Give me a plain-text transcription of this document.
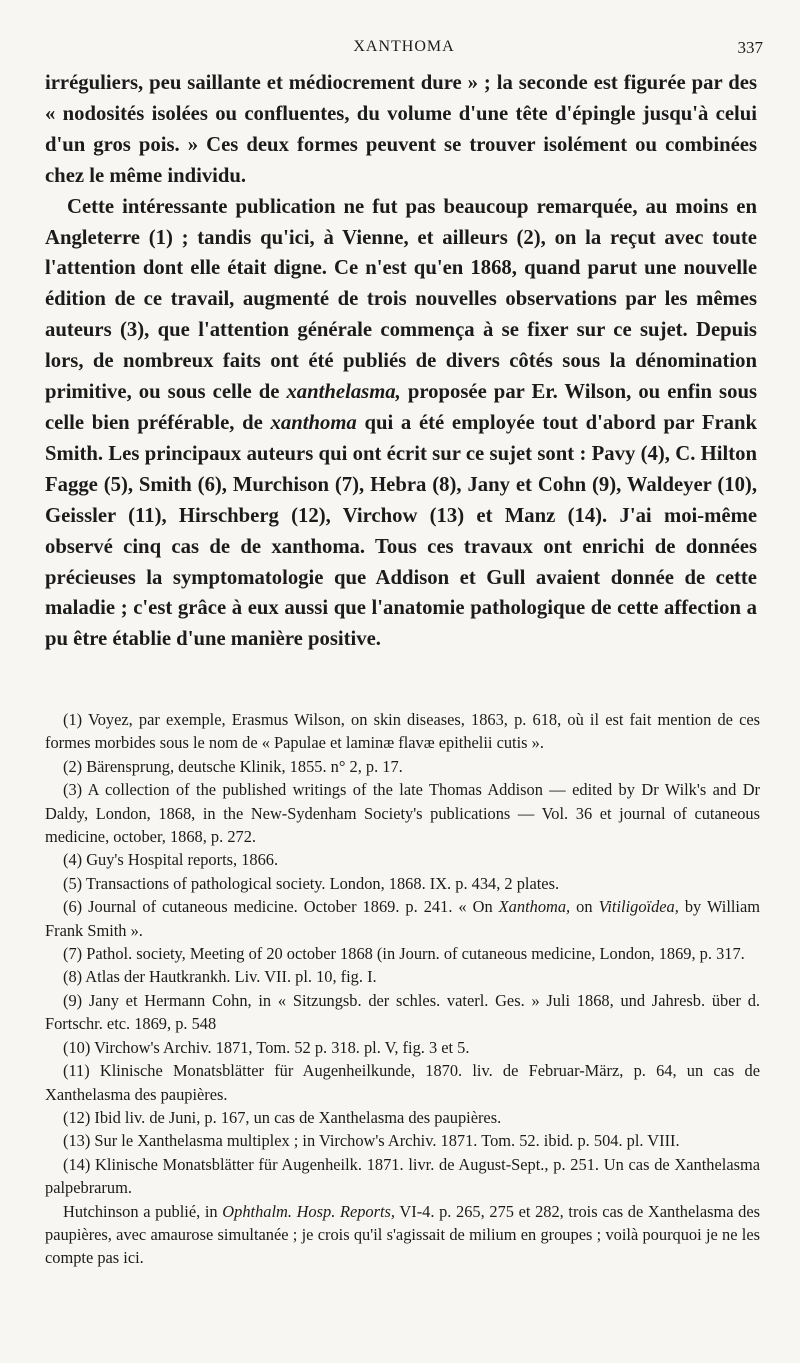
XANTHOMA	337

irréguliers, peu saillante et médiocrement dure » ; la seconde est figurée par des « nodosités isolées ou confluentes, du volume d'une tête d'épingle jusqu'à celui d'un gros pois. » Ces deux formes peuvent se trouver isolément ou combinées chez le même individu.

Cette intéressante publication ne fut pas beaucoup remarquée, au moins en Angleterre (1) ; tandis qu'ici, à Vienne, et ailleurs (2), on la reçut avec toute l'attention dont elle était digne. Ce n'est qu'en 1868, quand parut une nouvelle édition de ce travail, augmenté de trois nouvelles observations par les mêmes auteurs (3), que l'attention générale commença à se fixer sur ce sujet. Depuis lors, de nombreux faits ont été publiés de divers côtés sous la dénomination primitive, ou sous celle de xanthelasma, proposée par Er. Wilson, ou enfin sous celle bien préférable, de xanthoma qui a été employée tout d'abord par Frank Smith. Les principaux auteurs qui ont écrit sur ce sujet sont : Pavy (4), C. Hilton Fagge (5), Smith (6), Murchison (7), Hebra (8), Jany et Cohn (9), Waldeyer (10), Geissler (11), Hirschberg (12), Virchow (13) et Manz (14). J'ai moi-même observé cinq cas de de xanthoma. Tous ces travaux ont enrichi de données précieuses la symptomatologie que Addison et Gull avaient donnée de cette maladie ; c'est grâce à eux aussi que l'anatomie pathologique de cette affection a pu être établie d'une manière positive.

(1) Voyez, par exemple, Erasmus Wilson, on skin diseases, 1863, p. 618, où il est fait mention de ces formes morbides sous le nom de « Papulae et laminæ flavæ epithelii cutis ».

(2) Bärensprung, deutsche Klinik, 1855. n° 2, p. 17.

(3) A collection of the published writings of the late Thomas Addison — edited by Dr Wilk's and Dr Daldy, London, 1868, in the New-Sydenham Society's publications — Vol. 36 et journal of cutaneous medicine, october, 1868, p. 272.

(4) Guy's Hospital reports, 1866.

(5) Transactions of pathological society. London, 1868. IX. p. 434, 2 plates.

(6) Journal of cutaneous medicine. October 1869. p. 241. « On Xanthoma, on Vitiligoïdea, by William Frank Smith ».

(7) Pathol. society, Meeting of 20 october 1868 (in Journ. of cutaneous medicine, London, 1869, p. 317.

(8) Atlas der Hautkrankh. Liv. VII. pl. 10, fig. I.

(9) Jany et Hermann Cohn, in « Sitzungsb. der schles. vaterl. Ges. » Juli 1868, und Jahresb. über d. Fortschr. etc. 1869, p. 548

(10) Virchow's Archiv. 1871, Tom. 52 p. 318. pl. V, fig. 3 et 5.

(11) Klinische Monatsblätter für Augenheilkunde, 1870. liv. de Februar-März, p. 64, un cas de Xanthelasma des paupières.

(12) Ibid liv. de Juni, p. 167, un cas de Xanthelasma des paupières.

(13) Sur le Xanthelasma multiplex ; in Virchow's Archiv. 1871. Tom. 52. ibid. p. 504. pl. VIII.

(14) Klinische Monatsblätter für Augenheilk. 1871. livr. de August-Sept., p. 251. Un cas de Xanthelasma palpebrarum.

Hutchinson a publié, in Ophthalm. Hosp. Reports, VI-4. p. 265, 275 et 282, trois cas de Xanthelasma des paupières, avec amaurose simultanée ; je crois qu'il s'agissait de milium en groupes ; voilà pourquoi je ne les compte pas ici.
